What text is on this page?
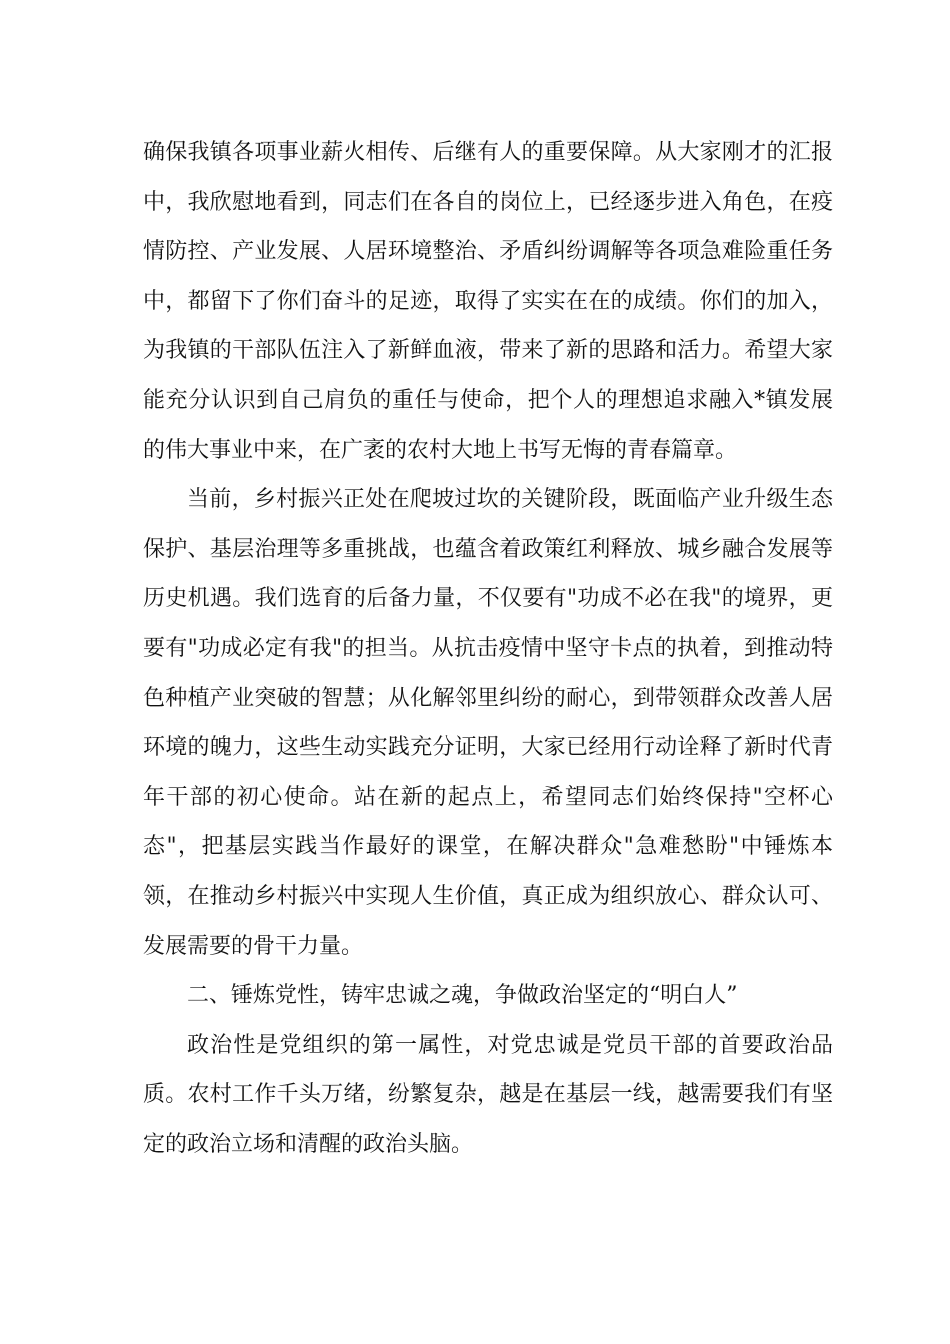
确保我镇各项事业薪火相传、后继有人的重要保障。从大家刚才的汇报中，我欣慰地看到，同志们在各自的岗位上，已经逐步进入角色，在疫情防控、产业发展、人居环境整治、矛盾纠纷调解等各项急难险重任务中，都留下了你们奋斗的足迹，取得了实实在在的成绩。你们的加入，为我镇的干部队伍注入了新鲜血液，带来了新的思路和活力。希望大家能充分认识到自己肩负的重任与使命，把个人的理想追求融入*镇发展的伟大事业中来，在广袤的农村大地上书写无悔的青春篇章。

当前，乡村振兴正处在爬坡过坎的关键阶段，既面临产业升级生态保护、基层治理等多重挑战，也蕴含着政策红利释放、城乡融合发展等历史机遇。我们选育的后备力量，不仅要有"功成不必在我"的境界，更要有"功成必定有我"的担当。从抗击疫情中坚守卡点的执着，到推动特色种植产业突破的智慧；从化解邻里纠纷的耐心，到带领群众改善人居环境的魄力，这些生动实践充分证明，大家已经用行动诠释了新时代青年干部的初心使命。站在新的起点上，希望同志们始终保持"空杯心态"，把基层实践当作最好的课堂，在解决群众"急难愁盼"中锤炼本领，在推动乡村振兴中实现人生价值，真正成为组织放心、群众认可、发展需要的骨干力量。

二、锤炼党性，铸牢忠诚之魂，争做政治坚定的“明白人”

政治性是党组织的第一属性，对党忠诚是党员干部的首要政治品质。农村工作千头万绪，纷繁复杂，越是在基层一线，越需要我们有坚定的政治立场和清醒的政治头脑。
